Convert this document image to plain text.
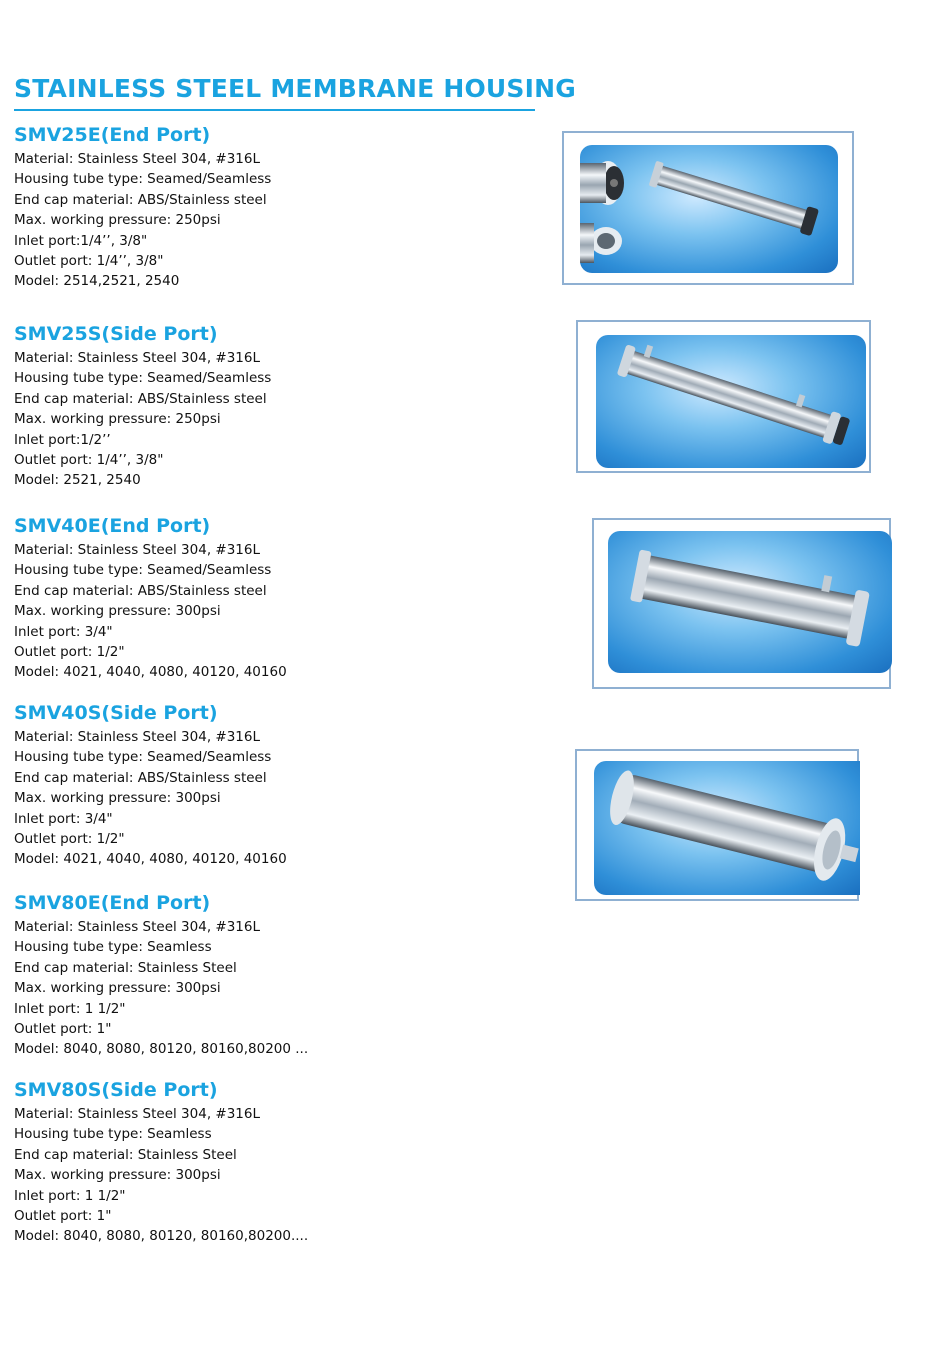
STAINLESS STEEL MEMBRANE HOUSING
SMV25E(End Port)
Material: Stainless Steel 304, #316L
Housing tube type: Seamed/Seamless
End cap material: ABS/Stainless steel
Max. working pressure: 250psi
Inlet port:1/4’’, 3/8"
Outlet port: 1/4’’, 3/8"
Model: 2514,2521, 2540
SMV25S(Side Port)
Material: Stainless Steel 304, #316L
Housing tube type: Seamed/Seamless
End cap material: ABS/Stainless steel
Max. working pressure: 250psi
Inlet port:1/2’’
Outlet port: 1/4’’, 3/8"
Model: 2521, 2540
SMV40E(End Port)
Material: Stainless Steel 304, #316L
Housing tube type: Seamed/Seamless
End cap material: ABS/Stainless steel
Max. working pressure: 300psi
Inlet port: 3/4"
Outlet port: 1/2"
Model: 4021, 4040, 4080, 40120, 40160
SMV40S(Side Port)
Material: Stainless Steel 304, #316L
Housing tube type: Seamed/Seamless
End cap material: ABS/Stainless steel
Max. working pressure: 300psi
Inlet port: 3/4"
Outlet port: 1/2"
Model: 4021, 4040, 4080, 40120, 40160
SMV80E(End Port)
Material: Stainless Steel 304, #316L
Housing tube type: Seamless
End cap material: Stainless Steel
Max. working pressure: 300psi
Inlet port: 1 1/2"
Outlet port: 1"
Model: 8040, 8080, 80120, 80160,80200 ...
SMV80S(Side Port)
Material: Stainless Steel 304, #316L
Housing tube type: Seamless
End cap material: Stainless Steel
Max. working pressure: 300psi
Inlet port: 1 1/2"
Outlet port: 1"
Model: 8040, 8080, 80120, 80160,80200....
